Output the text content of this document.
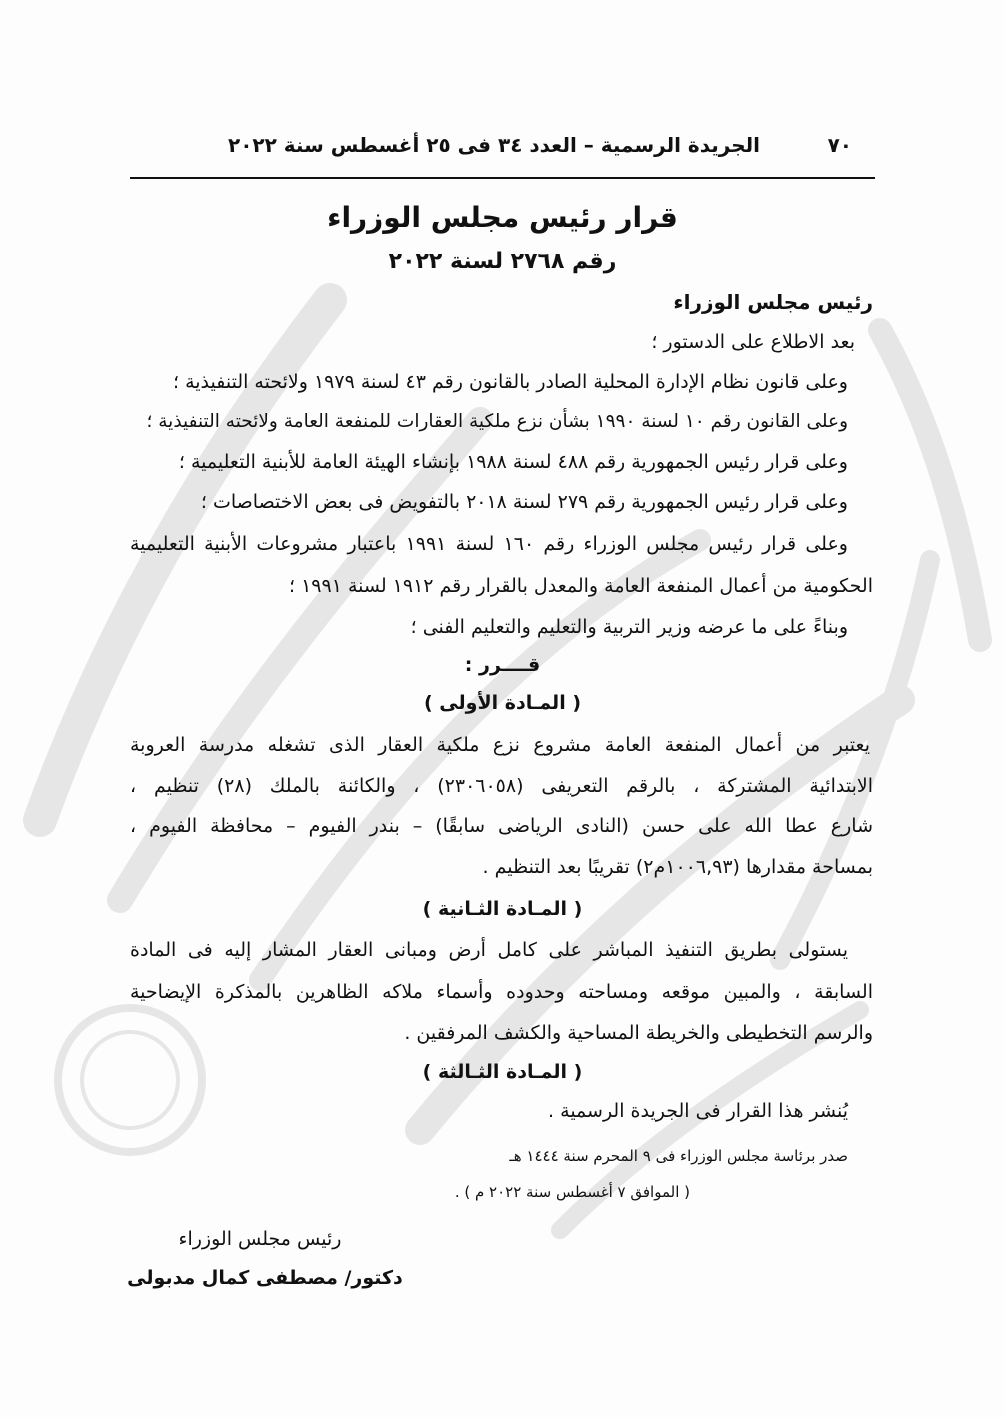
٧٠
الجريدة الرسمية – العدد ٣٤ فى ٢٥ أغسطس سنة ٢٠٢٢
قرار رئيس مجلس الوزراء
رقم ٢٧٦٨ لسنة ٢٠٢٢
رئيس مجلس الوزراء
بعد الاطلاع على الدستور ؛
وعلى قانون نظام الإدارة المحلية الصادر بالقانون رقم ٤٣ لسنة ١٩٧٩ ولائحته التنفيذية ؛
وعلى القانون رقم ١٠ لسنة ١٩٩٠ بشأن نزع ملكية العقارات للمنفعة العامة ولائحته التنفيذية ؛
وعلى قرار رئيس الجمهورية رقم ٤٨٨ لسنة ١٩٨٨ بإنشاء الهيئة العامة للأبنية التعليمية ؛
وعلى قرار رئيس الجمهورية رقم ٢٧٩ لسنة ٢٠١٨ بالتفويض فى بعض الاختصاصات ؛
وعلى قرار رئيس مجلس الوزراء رقم ١٦٠ لسنة ١٩٩١ باعتبار مشروعات الأبنية التعليمية
الحكومية من أعمال المنفعة العامة والمعدل بالقرار رقم ١٩١٢ لسنة ١٩٩١ ؛
وبناءً على ما عرضه وزير التربية والتعليم والتعليم الفنى ؛
قــــرر :
( المـادة الأولى )
يعتبر من أعمال المنفعة العامة مشروع نزع ملكية العقار الذى تشغله مدرسة العروبة
الابتدائية المشتركة ، بالرقم التعريفى (٢٣٠٦٠٥٨) ، والكائنة بالملك (٢٨) تنظيم ،
شارع عطا الله على حسن (النادى الرياضى سابقًا) – بندر الفيوم – محافظة الفيوم ،
بمساحة مقدارها (١٠٠٦,٩٣م٢) تقريبًا بعد التنظيم .
( المـادة الثـانية )
يستولى بطريق التنفيذ المباشر على كامل أرض ومبانى العقار المشار إليه فى المادة
السابقة ، والمبين موقعه ومساحته وحدوده وأسماء ملاكه الظاهرين بالمذكرة الإيضاحية
والرسم التخطيطى والخريطة المساحية والكشف المرفقين .
( المـادة الثـالثة )
يُنشر هذا القرار فى الجريدة الرسمية .
صدر برئاسة مجلس الوزراء فى ٩ المحرم سنة ١٤٤٤ هـ
( الموافق ٧ أغسطس سنة ٢٠٢٢ م ) .
رئيس مجلس الوزراء
دكتور/ مصطفى كمال مدبولى
